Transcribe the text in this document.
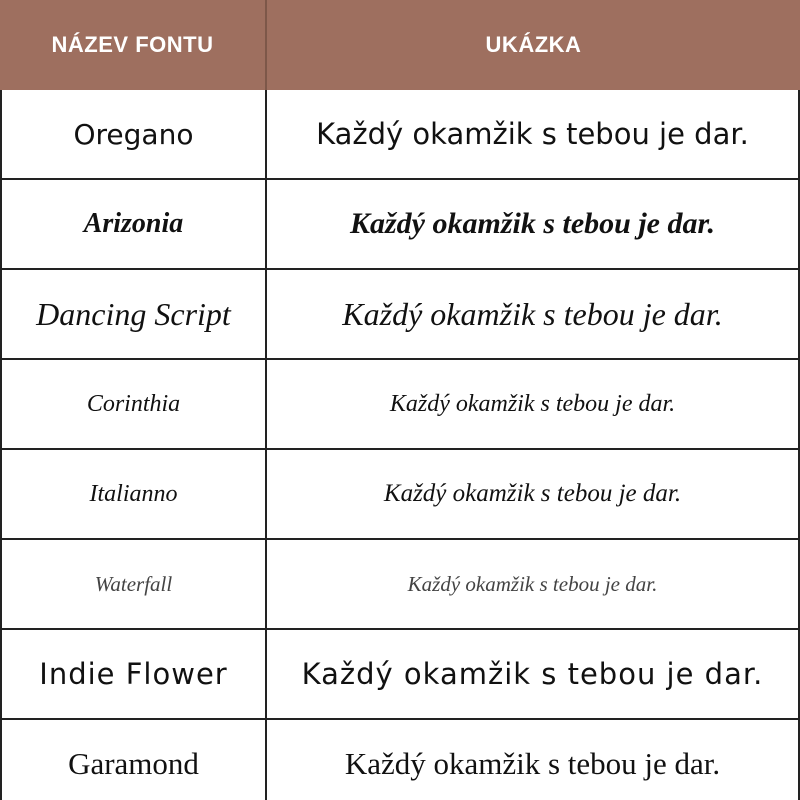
NÁZEV FONTU	UKÁZKA
Oregano	Každý okamžik s tebou je dar.
Arizonia	Každý okamžik s tebou je dar.
Dancing Script	Každý okamžik s tebou je dar.
Corinthia	Každý okamžik s tebou je dar.
Italianno	Každý okamžik s tebou je dar.
Waterfall	Každý okamžik s tebou je dar.
Indie Flower	Každý okamžik s tebou je dar.
Garamond	Každý okamžik s tebou je dar.
